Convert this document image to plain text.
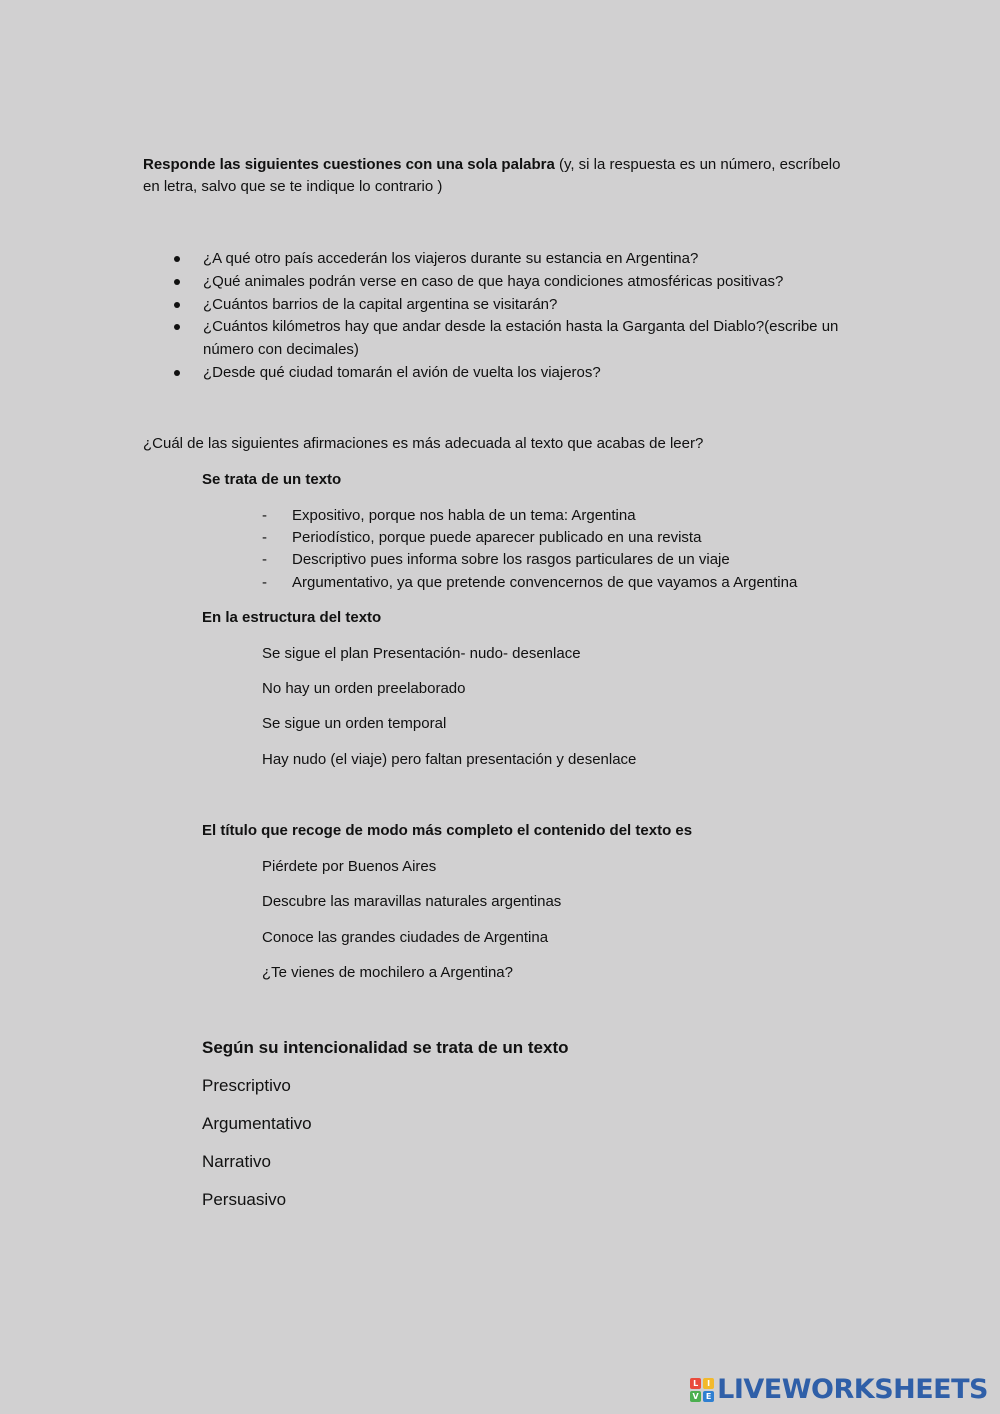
Responde las siguientes cuestiones con una sola palabra (y, si la respuesta es un número, escríbelo en letra, salvo que se te indique lo contrario )
¿A qué otro país accederán los viajeros durante su estancia en Argentina?
¿Qué animales podrán verse en caso de que haya condiciones atmosféricas positivas?
¿Cuántos barrios de la capital argentina se visitarán?
¿Cuántos kilómetros hay que andar desde la estación hasta la Garganta del Diablo?(escribe un número con decimales)
¿Desde qué ciudad tomarán el avión de vuelta los viajeros?
¿Cuál de las siguientes afirmaciones es más adecuada al texto que acabas de leer?
Se trata de un texto
- Expositivo, porque nos habla de un tema: Argentina
- Periodístico, porque puede aparecer publicado en una revista
- Descriptivo pues informa sobre los rasgos particulares de un viaje
- Argumentativo, ya que pretende convencernos de que vayamos a Argentina
En la estructura del texto
Se sigue el plan Presentación- nudo- desenlace
No hay un orden preelaborado
Se sigue un orden temporal
Hay nudo (el viaje) pero faltan presentación y desenlace
El título que recoge de modo más completo el contenido del texto es
Piérdete por Buenos Aires
Descubre las maravillas naturales argentinas
Conoce las grandes ciudades de Argentina
¿Te vienes de mochilero a Argentina?
Según su intencionalidad se trata de un texto
Prescriptivo
Argumentativo
Narrativo
Persuasivo
L	I
V E LIVEWORKSHEETS
